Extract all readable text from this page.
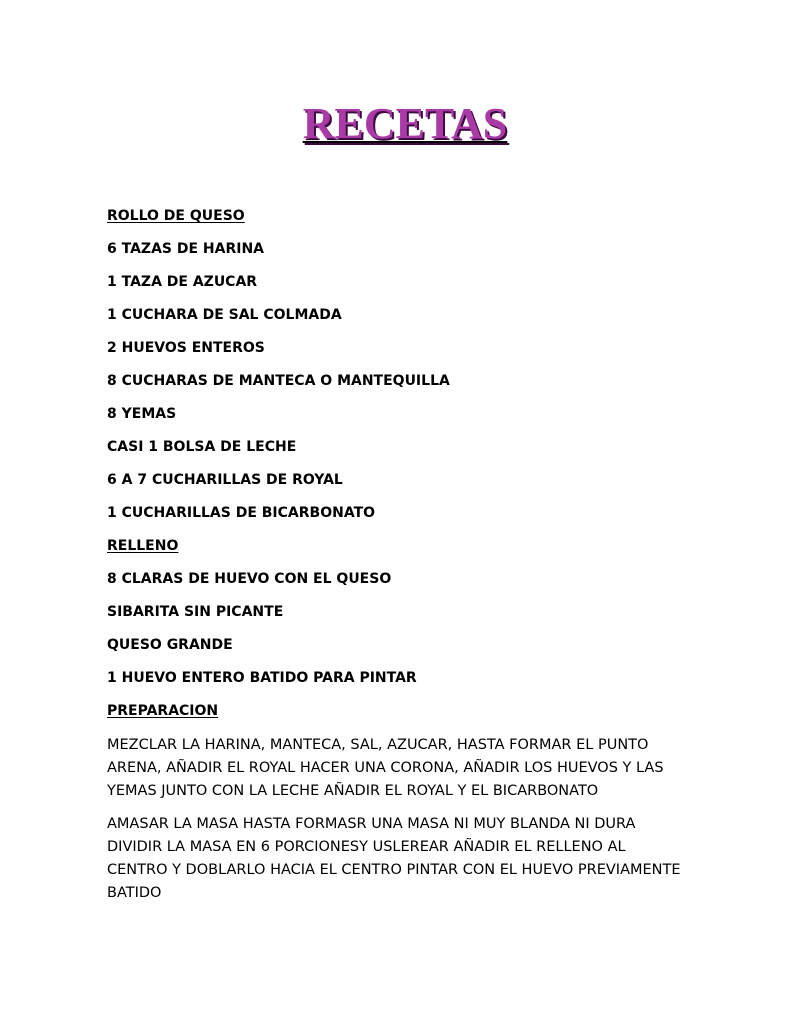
RECETAS
ROLLO DE QUESO
6 TAZAS DE HARINA
1 TAZA DE AZUCAR
1 CUCHARA DE SAL COLMADA
2 HUEVOS ENTEROS
8 CUCHARAS DE MANTECA O MANTEQUILLA
8 YEMAS
CASI 1 BOLSA DE LECHE
6 A 7 CUCHARILLAS DE ROYAL
1 CUCHARILLAS DE BICARBONATO
RELLENO
8 CLARAS DE HUEVO CON EL QUESO
SIBARITA SIN PICANTE
QUESO GRANDE
1 HUEVO ENTERO BATIDO PARA PINTAR
PREPARACION

MEZCLAR LA HARINA, MANTECA, SAL, AZUCAR, HASTA FORMAR EL PUNTO ARENA, AÑADIR EL ROYAL HACER UNA CORONA, AÑADIR LOS HUEVOS Y LAS YEMAS JUNTO CON LA LECHE AÑADIR EL ROYAL Y EL BICARBONATO

AMASAR LA MASA HASTA FORMASR UNA MASA NI MUY BLANDA NI DURA DIVIDIR LA MASA EN 6 PORCIONESY USLEREAR AÑADIR EL RELLENO AL CENTRO Y DOBLARLO HACIA EL CENTRO PINTAR CON EL HUEVO PREVIAMENTE BATIDO
